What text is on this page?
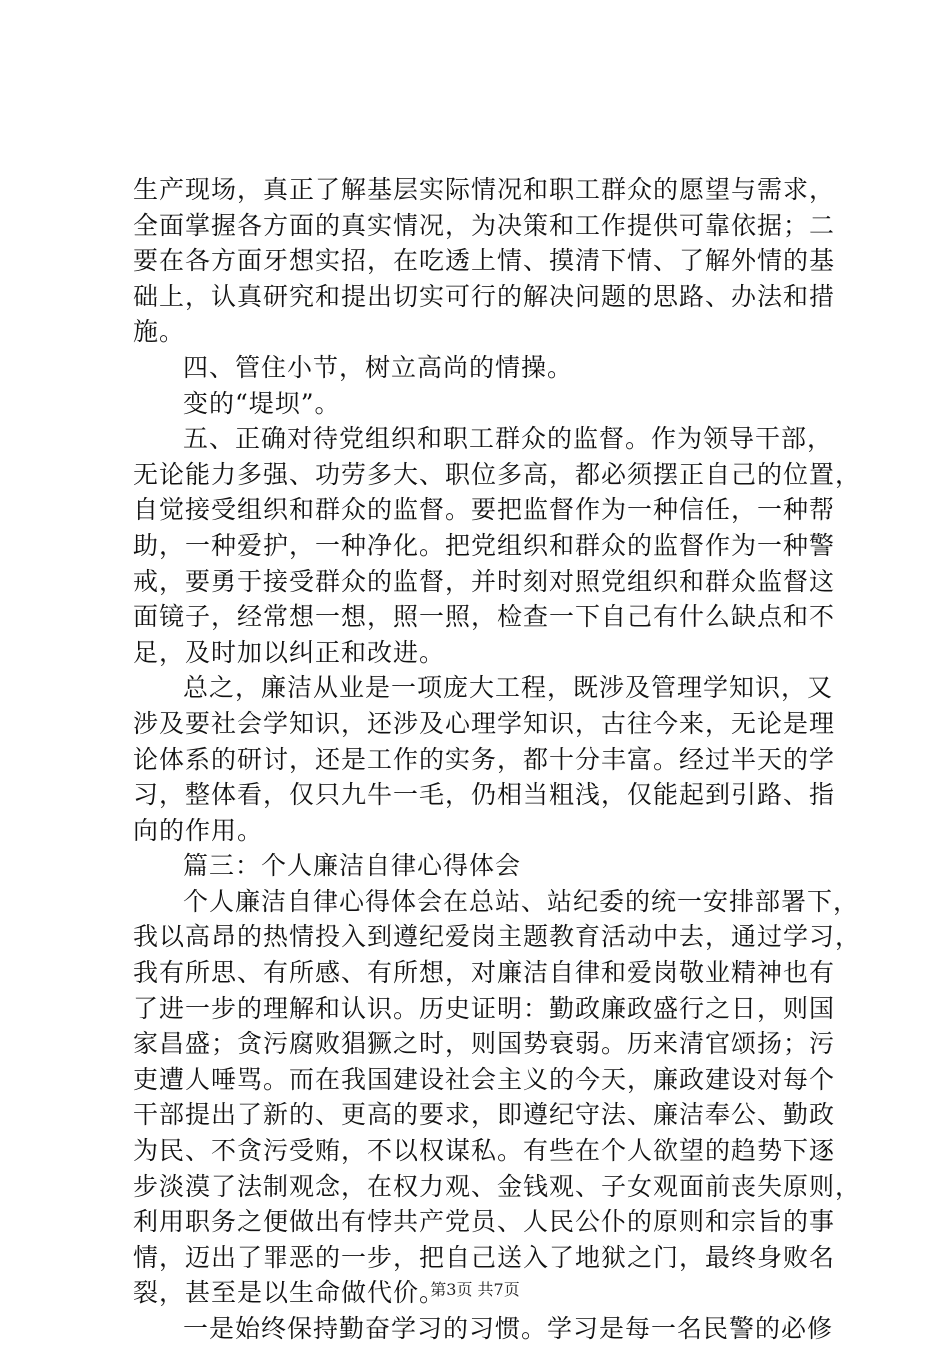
生产现场，真正了解基层实际情况和职工群众的愿望与需求，
全面掌握各方面的真实情况，为决策和工作提供可靠依据；二
要在各方面牙想实招，在吃透上情、摸清下情、了解外情的基
础上，认真研究和提出切实可行的解决问题的思路、办法和措
施。
四、管住小节，树立高尚的情操。
变的“堤坝”。
五、正确对待党组织和职工群众的监督。作为领导干部，
无论能力多强、功劳多大、职位多高，都必须摆正自己的位置，
自觉接受组织和群众的监督。要把监督作为一种信任，一种帮
助，一种爱护，一种净化。把党组织和群众的监督作为一种警
戒，要勇于接受群众的监督，并时刻对照党组织和群众监督这
面镜子，经常想一想，照一照，检查一下自己有什么缺点和不
足，及时加以纠正和改进。
总之，廉洁从业是一项庞大工程，既涉及管理学知识，又
涉及要社会学知识，还涉及心理学知识，古往今来，无论是理
论体系的研讨，还是工作的实务，都十分丰富。经过半天的学
习，整体看，仅只九牛一毛，仍相当粗浅，仅能起到引路、指
向的作用。
篇三：个人廉洁自律心得体会
个人廉洁自律心得体会在总站、站纪委的统一安排部署下，
我以高昂的热情投入到遵纪爱岗主题教育活动中去，通过学习，
我有所思、有所感、有所想，对廉洁自律和爱岗敬业精神也有
了进一步的理解和认识。历史证明：勤政廉政盛行之日，则国
家昌盛；贪污腐败猖獗之时，则国势衰弱。历来清官颂扬；污
吏遭人唾骂。而在我国建设社会主义的今天，廉政建设对每个
干部提出了新的、更高的要求，即遵纪守法、廉洁奉公、勤政
为民、不贪污受贿，不以权谋私。有些在个人欲望的趋势下逐
步淡漠了法制观念，在权力观、金钱观、子女观面前丧失原则，
利用职务之便做出有悖共产党员、人民公仆的原则和宗旨的事
情，迈出了罪恶的一步，把自己送入了地狱之门，最终身败名
裂，甚至是以生命做代价。
一是始终保持勤奋学习的习惯。学习是每一名民警的必修
第3页 共7页
